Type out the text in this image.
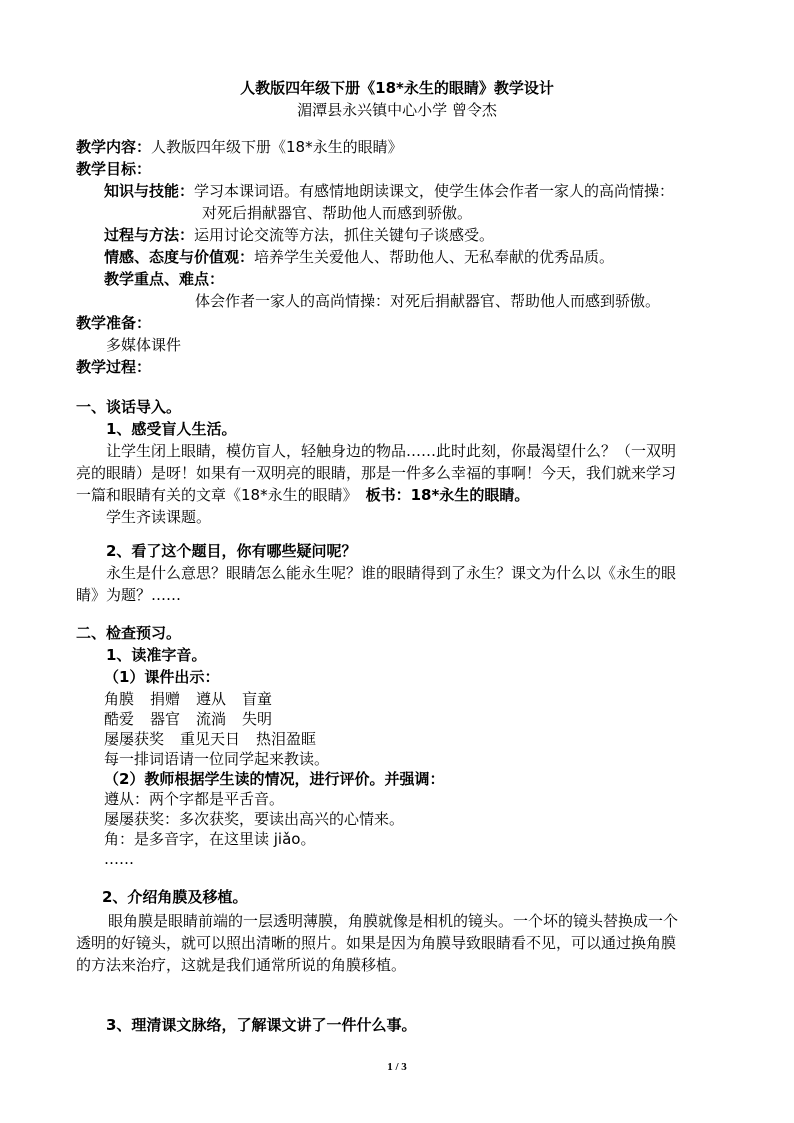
人教版四年级下册《18*永生的眼睛》教学设计
湄潭县永兴镇中心小学 曾令杰
教学内容：人教版四年级下册《18*永生的眼睛》
教学目标：
知识与技能：学习本课词语。有感情地朗读课文，使学生体会作者一家人的高尚情操：
对死后捐献器官、帮助他人而感到骄傲。
过程与方法：运用讨论交流等方法，抓住关键句子谈感受。
情感、态度与价值观：培养学生关爱他人、帮助他人、无私奉献的优秀品质。
教学重点、难点：
体会作者一家人的高尚情操：对死后捐献器官、帮助他人而感到骄傲。
教学准备：
多媒体课件
教学过程：
一、谈话导入。
1、感受盲人生活。
让学生闭上眼睛，模仿盲人，轻触身边的物品……此时此刻，你最渴望什么？（一双明
亮的眼睛）是呀！如果有一双明亮的眼睛，那是一件多么幸福的事啊！今天，我们就来学习
一篇和眼睛有关的文章《18*永生的眼睛》 板书：18*永生的眼睛。
学生齐读课题。
2、看了这个题目，你有哪些疑问呢？
永生是什么意思？眼睛怎么能永生呢？谁的眼睛得到了永生？课文为什么以《永生的眼
睛》为题？……
二、检查预习。
1、读准字音。
（1）课件出示：
角膜 捐赠 遵从 盲童
酷爱 器官 流淌 失明
屡屡获奖 重见天日 热泪盈眶
每一排词语请一位同学起来教读。
（2）教师根据学生读的情况，进行评价。并强调：
遵从：两个字都是平舌音。
屡屡获奖：多次获奖，要读出高兴的心情来。
角：是多音字，在这里读 jiǎo。
……
2、介绍角膜及移植。
眼角膜是眼睛前端的一层透明薄膜，角膜就像是相机的镜头。一个坏的镜头替换成一个
透明的好镜头，就可以照出清晰的照片。如果是因为角膜导致眼睛看不见，可以通过换角膜
的方法来治疗，这就是我们通常所说的角膜移植。
3、理清课文脉络，了解课文讲了一件什么事。
1 / 3
